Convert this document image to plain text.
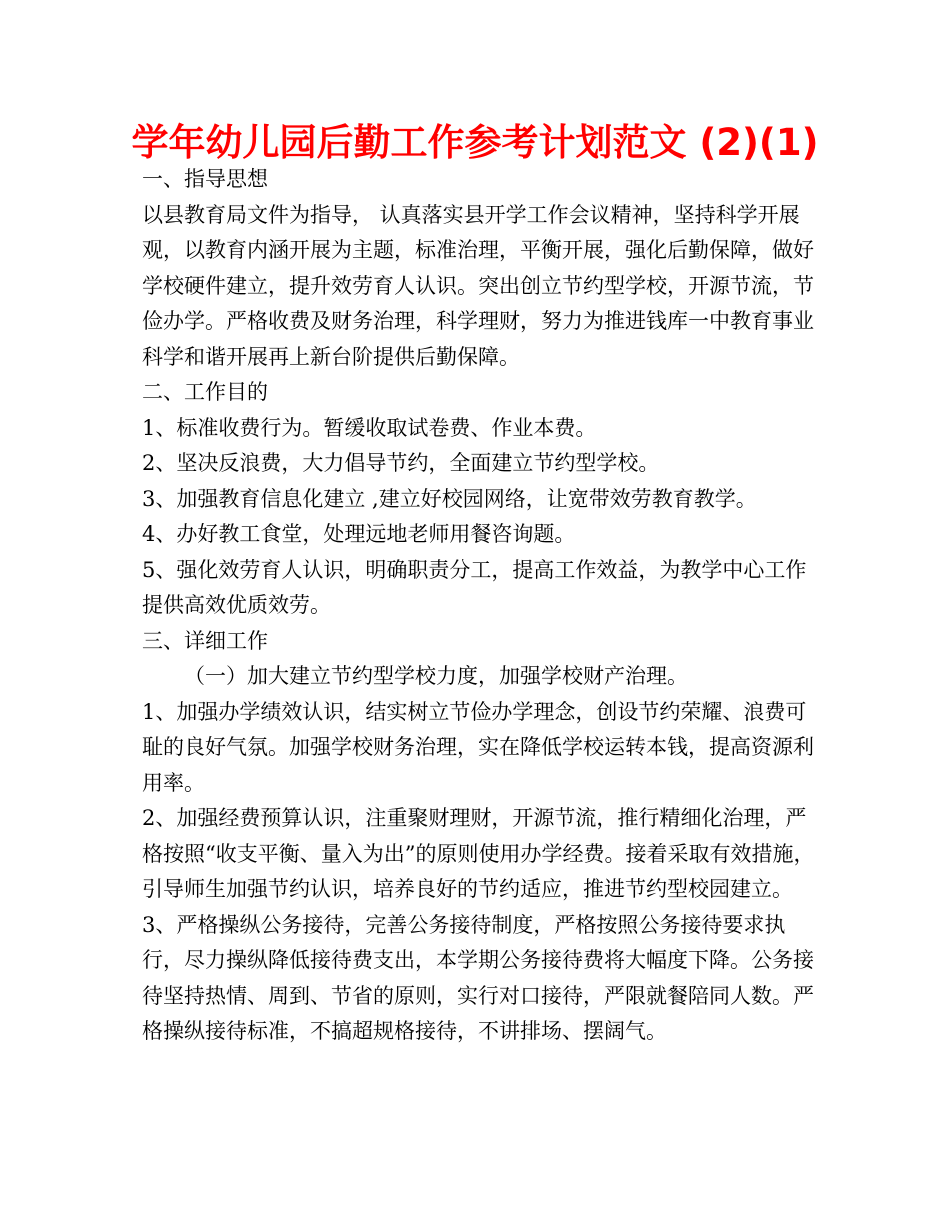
学年幼儿园后勤工作参考计划范文 (2)(1)

一、指导思想

以县教育局文件为指导， 认真落实县开学工作会议精神，坚持科学开展观，以教育内涵开展为主题，标准治理，平衡开展，强化后勤保障，做好学校硬件建立，提升效劳育人认识。突出创立节约型学校，开源节流，节俭办学。严格收费及财务治理，科学理财，努力为推进钱库一中教育事业科学和谐开展再上新台阶提供后勤保障。

二、工作目的

1、标准收费行为。暂缓收取试卷费、作业本费。

2、坚决反浪费，大力倡导节约，全面建立节约型学校。

3、加强教育信息化建立 ,建立好校园网络，让宽带效劳教育教学。

4、办好教工食堂，处理远地老师用餐咨询题。

5、强化效劳育人认识，明确职责分工，提高工作效益，为教学中心工作提供高效优质效劳。

三、详细工作

（一）加大建立节约型学校力度，加强学校财产治理。

1、加强办学绩效认识，结实树立节俭办学理念，创设节约荣耀、浪费可耻的良好气氛。加强学校财务治理，实在降低学校运转本钱，提高资源利用率。

2、加强经费预算认识，注重聚财理财，开源节流，推行精细化治理，严格按照“收支平衡、量入为出”的原则使用办学经费。接着采取有效措施，引导师生加强节约认识，培养良好的节约适应，推进节约型校园建立。

3、严格操纵公务接待，完善公务接待制度，严格按照公务接待要求执行，尽力操纵降低接待费支出，本学期公务接待费将大幅度下降。公务接待坚持热情、周到、节省的原则，实行对口接待，严限就餐陪同人数。严格操纵接待标准，不搞超规格接待，不讲排场、摆阔气。
